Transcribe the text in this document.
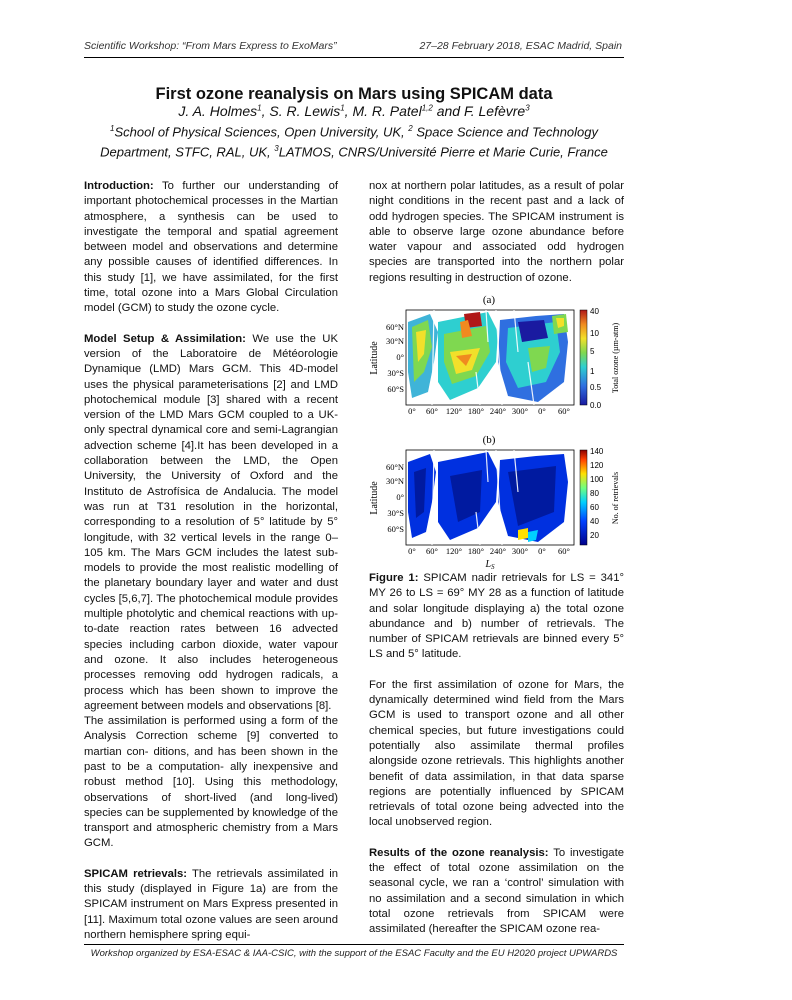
Scientific Workshop: “From Mars Express to ExoMars”	27–28 February 2018, ESAC Madrid, Spain
First ozone reanalysis on Mars using SPICAM data
J. A. Holmes$^1$, S. R. Lewis$^1$, M. R. Patel$^{1,2}$ and F. Lefèvre$^3$
$^1$School of Physical Sciences, Open University, UK, $^2$ Space Science and Technology Department, STFC, RAL, UK, $^3$LATMOS, CNRS/Université Pierre et Marie Curie, France

Introduction: To further our understanding of important photochemical processes in the Martian atmosphere, a synthesis can be used to investigate the temporal and spatial agreement between model and observations and determine any possible causes of identified differences. In this study [1], we have assimilated, for the first time, total ozone into a Mars Global Circulation model (GCM) to study the ozone cycle.

Model Setup & Assimilation: We use the UK version of the Laboratoire de Météorologie Dynamique (LMD) Mars GCM. This 4D-model uses the physical parameterisations [2] and LMD photochemical module [3] shared with a recent version of the LMD Mars GCM coupled to a UK-only spectral dynamical core and semi-Lagrangian advection scheme [4].It has been developed in a collaboration between the LMD, the Open University, the University of Oxford and the Instituto de Astrofísica de Andalucia. The model was run at T31 resolution in the horizontal, corresponding to a resolution of 5° latitude by 5° longitude, with 32 vertical levels in the range 0–105 km. The Mars GCM includes the latest sub-models to provide the most realistic modelling of the planetary boundary layer and water and dust cycles [5,6,7]. The photochemical module provides multiple photolytic and chemical reactions with up-to-date reaction rates between 16 advected species including carbon dioxide, water vapour and ozone. It also includes heterogeneous processes removing odd hydrogen radicals, a process which has been shown to improve the agreement between models and observations [8].

The assimilation is performed using a form of the Analysis Correction scheme [9] converted to martian con- ditions, and has been shown in the past to be a computation- ally inexpensive and robust method [10]. Using this methodology, observations of short-lived (and long-lived) species can be supplemented by knowledge of the transport and atmospheric chemistry from a Mars GCM.

SPICAM retrievals: The retrievals assimilated in this study (displayed in Figure 1a) are from the SPICAM instrument on Mars Express presented in [11]. Maximum total ozone values are seen around northern hemisphere spring equi-

nox at northern polar latitudes, as a result of polar night conditions in the recent past and a lack of odd hydrogen species. The SPICAM instrument is able to observe large ozone abundance before water vapour and associated odd hydrogen species are transported into the northern polar regions resulting in destruction of ozone.

(a)
(b)
Latitude
Latitude
60°N
30°N
0°
30°S
60°S
60°N
30°N
0°
30°S
60°S
0° 60° 120° 180° 240° 300° 0° 60°
0° 60° 120° 180° 240° 300° 0° 60°
$L_S$
40
10
5
1
0.5
0.0
Total ozone (µm-atm)
140
120
100
80
60
40
20
No. of retrievals

Figure 1: SPICAM nadir retrievals for LS = 341° MY 26 to LS = 69° MY 28 as a function of latitude and solar longitude displaying a) the total ozone abundance and b) number of retrievals. The number of SPICAM retrievals are binned every 5° LS and 5° latitude.

For the first assimilation of ozone for Mars, the dynamically determined wind field from the Mars GCM is used to transport ozone and all other chemical species, but future investigations could potentially also assimilate thermal profiles alongside ozone retrievals. This highlights another benefit of data assimilation, in that data sparse regions are potentially influenced by SPICAM retrievals of total ozone being advected into the local unobserved region.

Results of the ozone reanalysis: To investigate the effect of total ozone assimilation on the seasonal cycle, we ran a ‘control’ simulation with no assimilation and a second simulation in which total ozone retrievals from SPICAM were assimilated (hereafter the SPICAM ozone rea-

Workshop organized by ESA-ESAC & IAA-CSIC, with the support of the ESAC Faculty and the EU H2020 project UPWARDS
